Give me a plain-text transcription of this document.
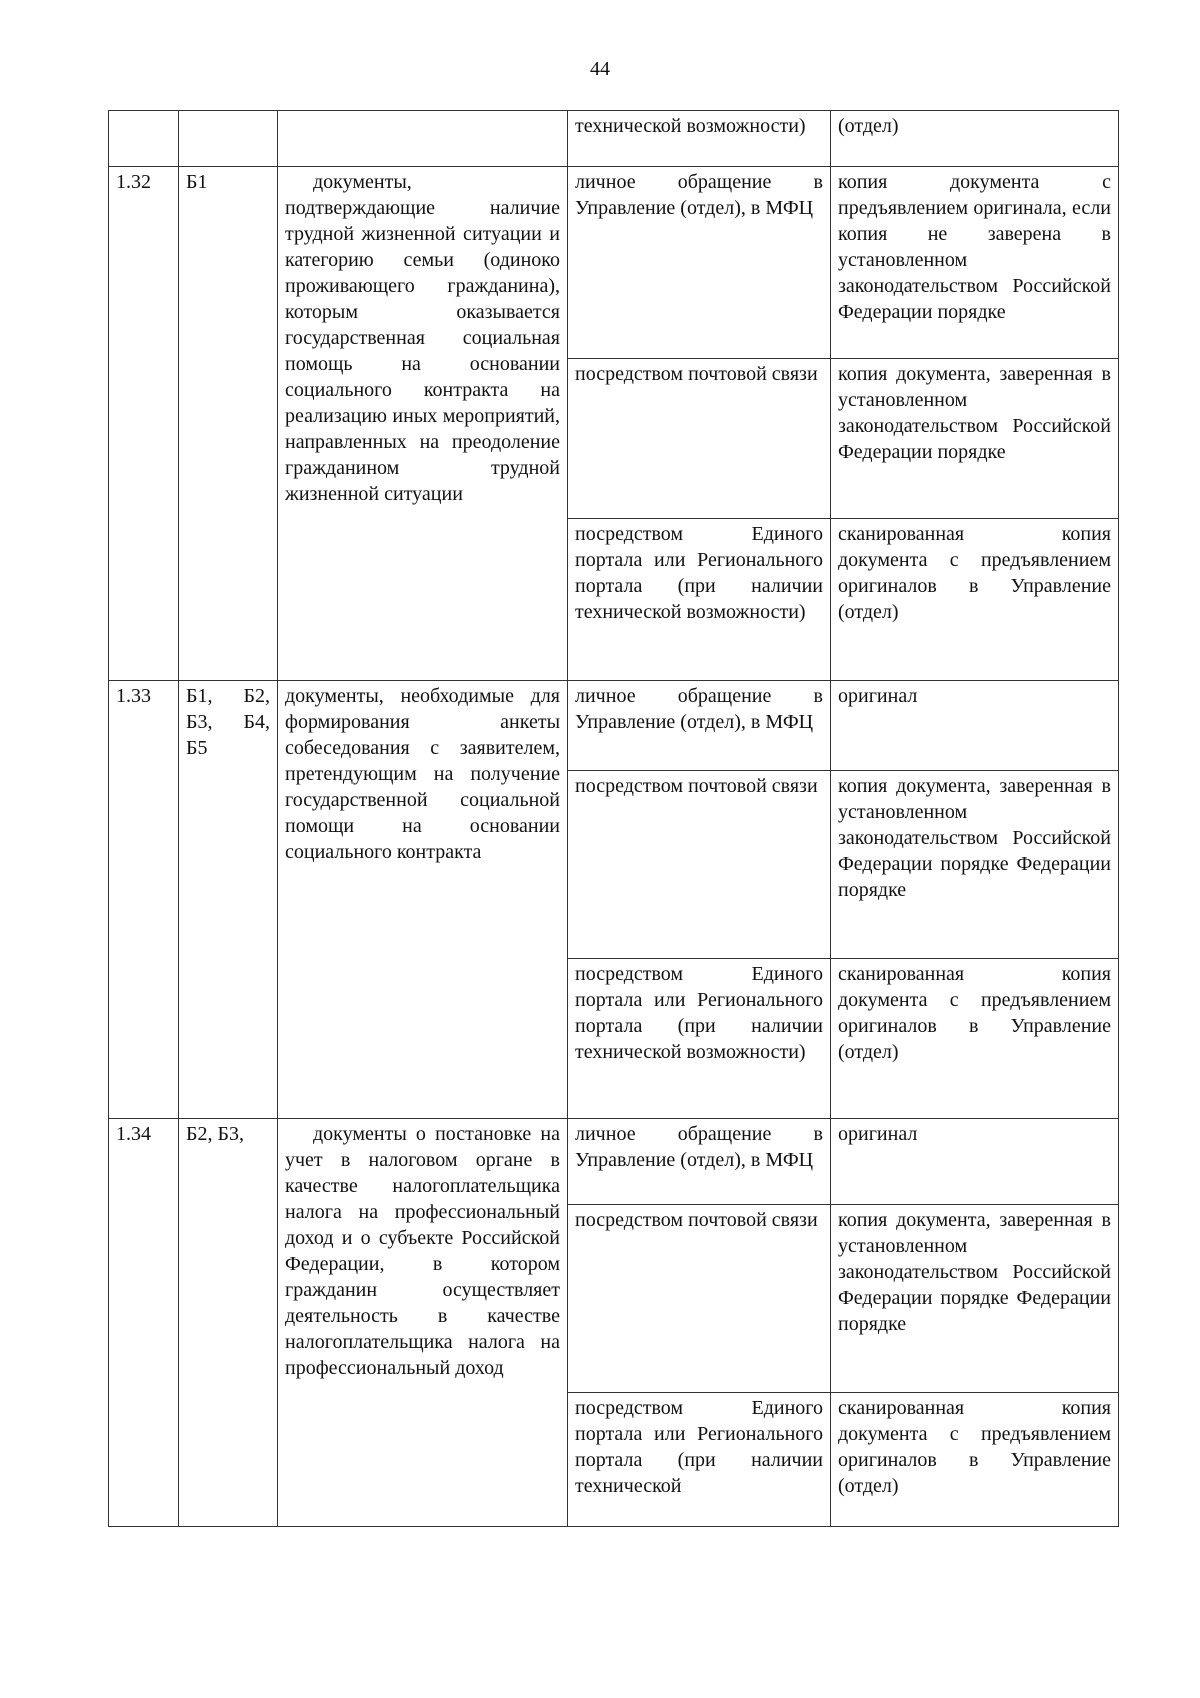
44
			технической возможности)	(отдел)
1.32	Б1	документы, подтверждающие наличие трудной жизненной ситуации и категорию семьи (одиноко проживающего гражданина), которым оказывается государственная социальная помощь на основании социального контракта на реализацию иных мероприятий, направленных на преодоление гражданином трудной жизненной ситуации	личное обращение в Управление (отдел), в МФЦ	копия документа с предъявлением оригинала, если копия не заверена в установленном законодательством Российской Федерации порядке
			посредством почтовой связи	копия документа, заверенная в установленном законодательством Российской Федерации порядке
			посредством Единого портала или Регионального портала (при наличии технической возможности)	сканированная копия документа с предъявлением оригиналов в Управление (отдел)
1.33	Б1, Б2, Б3, Б4, Б5	документы, необходимые для формирования анкеты собеседования с заявителем, претендующим на получение государственной социальной помощи на основании социального контракта	личное обращение в Управление (отдел), в МФЦ	оригинал
			посредством почтовой связи	копия документа, заверенная в установленном законодательством Российской Федерации порядке Федерации порядке
			посредством Единого портала или Регионального портала (при наличии технической возможности)	сканированная копия документа с предъявлением оригиналов в Управление (отдел)
1.34	Б2, Б3,	документы о постановке на учет в налоговом органе в качестве налогоплательщика налога на профессиональный доход и о субъекте Российской Федерации, в котором гражданин осуществляет деятельность в качестве налогоплательщика налога на профессиональный доход	личное обращение в Управление (отдел), в МФЦ	оригинал
			посредством почтовой связи	копия документа, заверенная в установленном законодательством Российской Федерации порядке Федерации порядке
			посредством Единого портала или Регионального портала (при наличии технической	сканированная копия документа с предъявлением оригиналов в Управление (отдел)
